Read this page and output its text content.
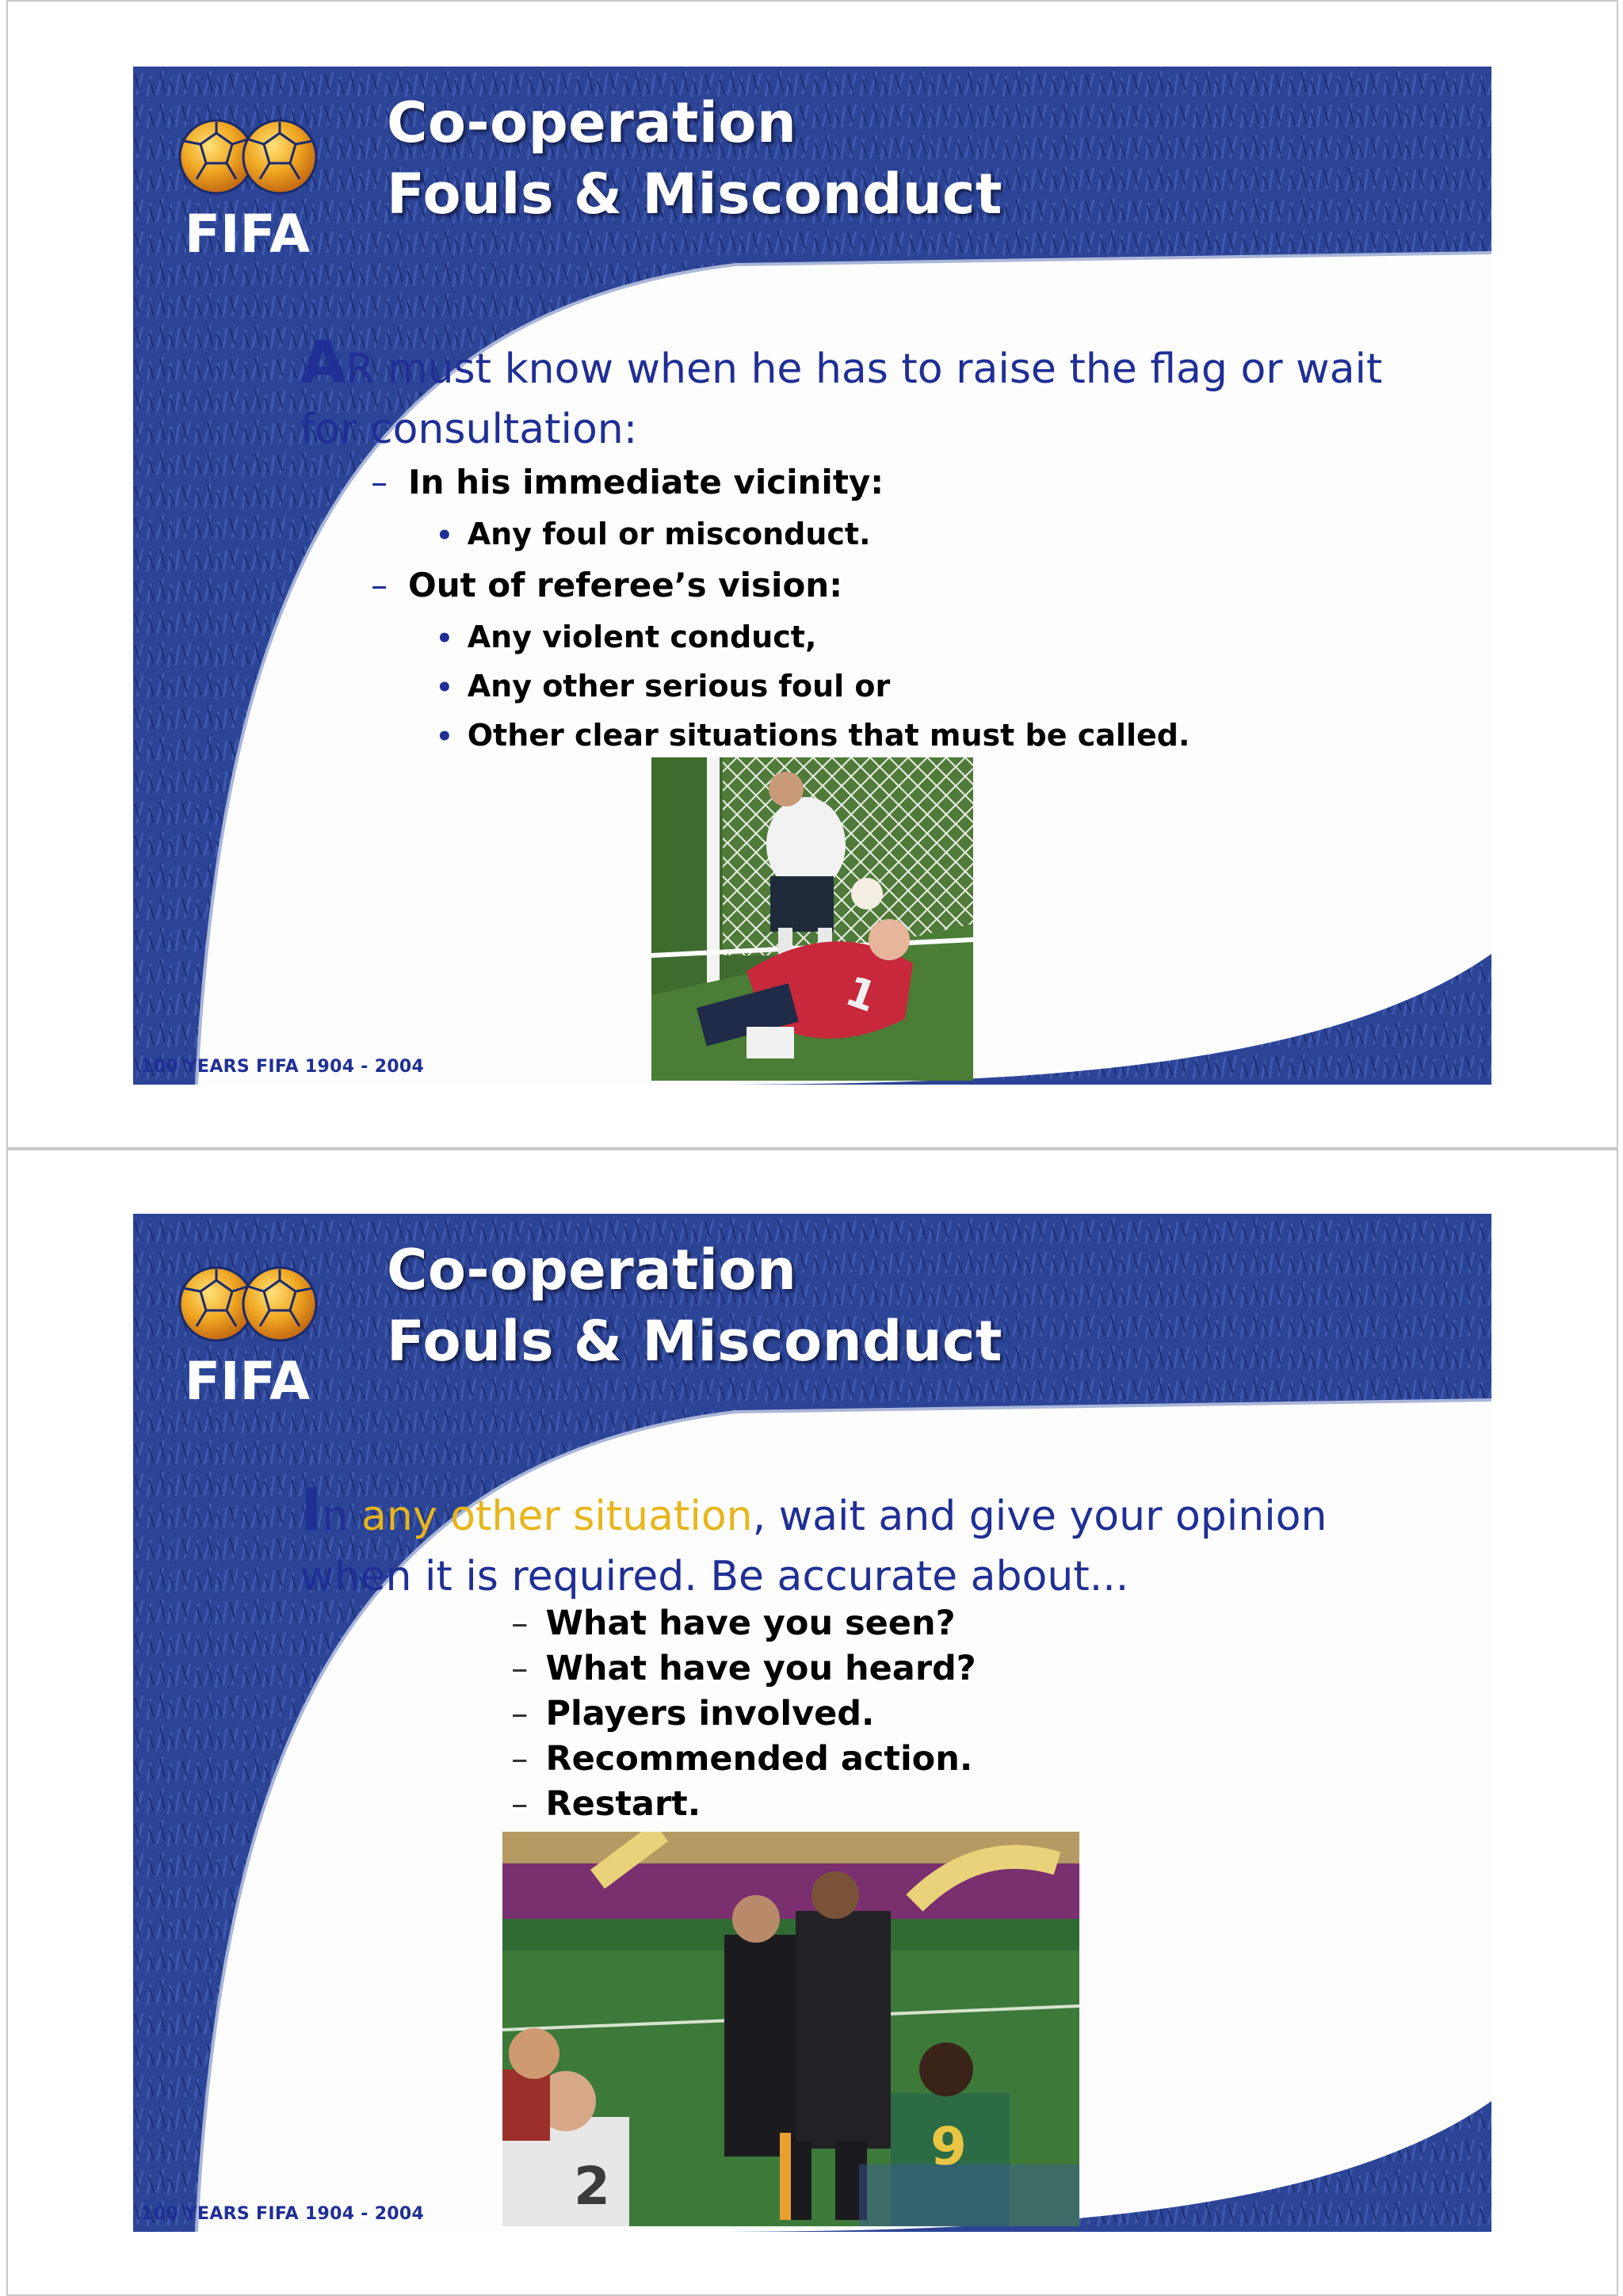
FIFA
Co-operation
Fouls & Misconduct
AR must know when he has to raise the flag or wait for consultation:
– In his immediate vicinity:
• Any foul or misconduct.
– Out of referee’s vision:
• Any violent conduct,
• Any other serious foul or
• Other clear situations that must be called.
1
100 YEARS FIFA 1904 - 2004
FIFA
Co-operation
Fouls & Misconduct
In any other situation, wait and give your opinion when it is required. Be accurate about...
– What have you seen?
– What have you heard?
– Players involved.
– Recommended action.
– Restart.
9
2
100 YEARS FIFA 1904 - 2004
